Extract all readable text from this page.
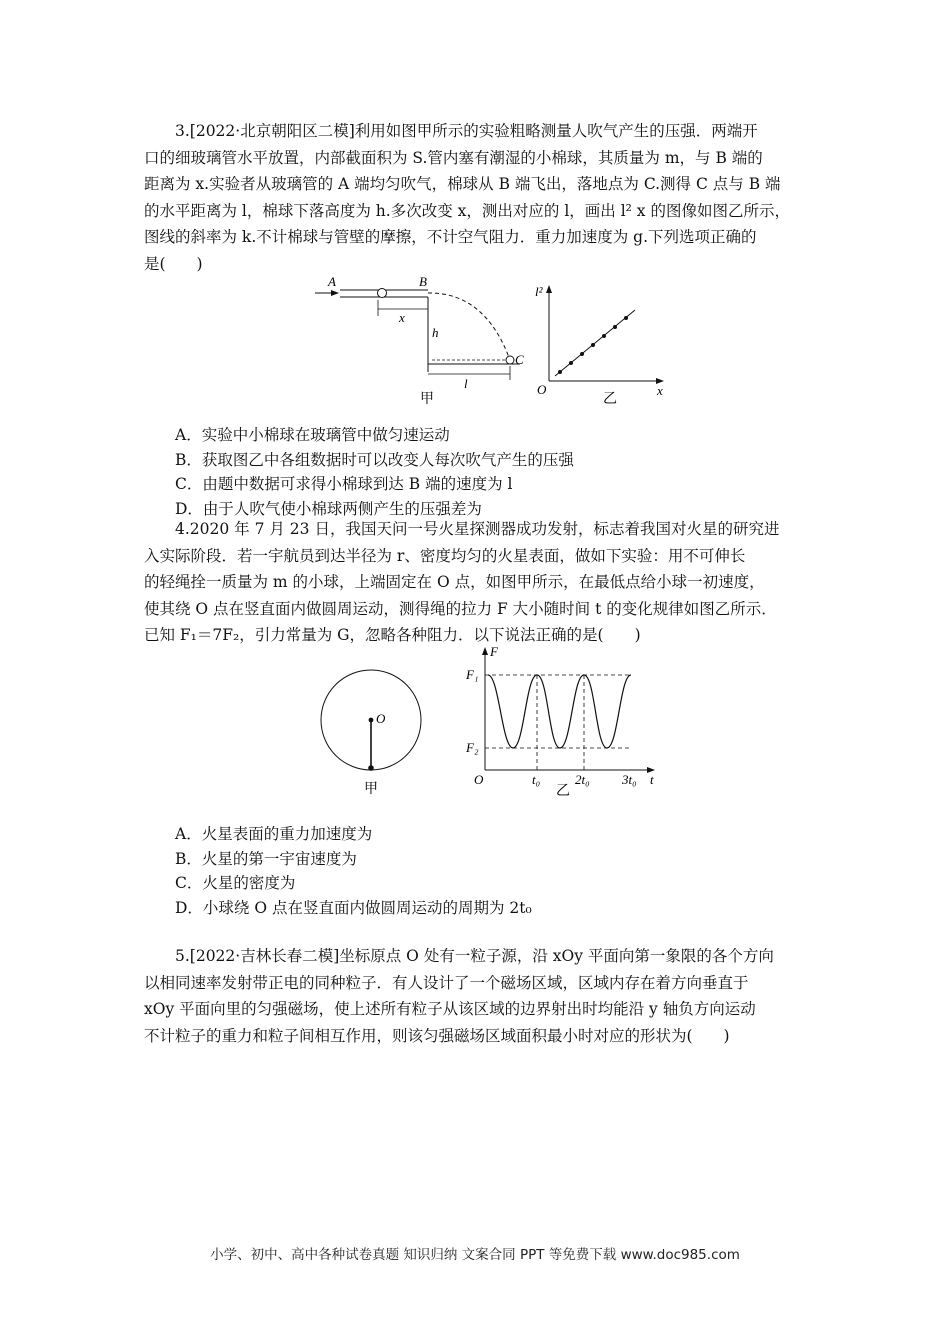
3.[2022·北京朝阳区二模]利用如图甲所示的实验粗略测量人吹气产生的压强．两端开
口的细玻璃管水平放置，内部截面积为 S.管内塞有潮湿的小棉球，其质量为 m，与 B 端的
距离为 x.实验者从玻璃管的 A 端均匀吹气，棉球从 B 端飞出，落地点为 C.测得 C 点与 B 端
的水平距离为 l，棉球下落高度为 h.多次改变 x，测出对应的 l，画出 l² x 的图像如图乙所示，
图线的斜率为 k.不计棉球与管壁的摩擦，不计空气阻力．重力加速度为 g.下列选项正确的
是(　　)
A	B
C
x
h
l
甲
l²
x
O
乙
A．实验中小棉球在玻璃管中做匀速运动
B．获取图乙中各组数据时可以改变人每次吹气产生的压强
C．由题中数据可求得小棉球到达 B 端的速度为 l
D．由于人吹气使小棉球两侧产生的压强差为
4.2020 年 7 月 23 日，我国天问一号火星探测器成功发射，标志着我国对火星的研究进
入实际阶段．若一宇航员到达半径为 r、密度均匀的火星表面，做如下实验：用不可伸长
的轻绳拴一质量为 m 的小球，上端固定在 O 点，如图甲所示，在最低点给小球一初速度，
使其绕 O 点在竖直面内做圆周运动，测得绳的拉力 F 大小随时间 t 的变化规律如图乙所示．
已知 F₁＝7F₂，引力常量为 G，忽略各种阻力．以下说法正确的是(　　)
O
甲
F
F₁
F₂
O	t₀	2t₀ 3t₀ t
乙
A．火星表面的重力加速度为
B．火星的第一宇宙速度为
C．火星的密度为
D．小球绕 O 点在竖直面内做圆周运动的周期为 2t₀
5.[2022·吉林长春二模]坐标原点 O 处有一粒子源，沿 xOy 平面向第一象限的各个方向
以相同速率发射带正电的同种粒子．有人设计了一个磁场区域，区域内存在着方向垂直于
xOy 平面向里的匀强磁场，使上述所有粒子从该区域的边界射出时均能沿 y 轴负方向运动
不计粒子的重力和粒子间相互作用，则该匀强磁场区域面积最小时对应的形状为(　　)
小学、初中、高中各种试卷真题 知识归纳 文案合同 PPT 等免费下载 www.doc985.com
